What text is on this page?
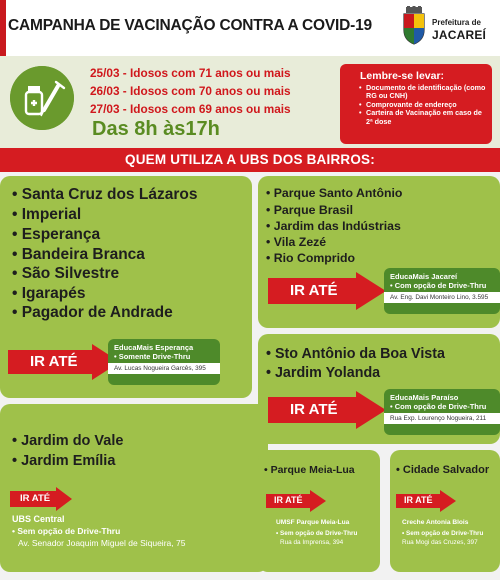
CAMPANHA DE VACINAÇÃO CONTRA A COVID-19	Prefeitura de
JACAREÍ
25/03 - Idosos com 71 anos ou mais
26/03 - Idosos com 70 anos ou mais
27/03 - Idosos com 69 anos ou mais
Das 8h às17h
Lembre-se levar:
• Documento de identificação (como RG ou CNH)
• Comprovante de endereço
• Carteira de Vacinação em caso de 2ª dose
QUEM UTILIZA A UBS DOS BAIRROS:
• Santa Cruz dos Lázaros
• Imperial
• Esperança
• Bandeira Branca
• São Silvestre
• Igarapés
• Pagador de Andrade
IR ATÉ
EducaMais Esperança
• Somente Drive-Thru
Av. Lucas Nogueira Garcês, 395
• Parque Santo Antônio
• Parque Brasil
• Jardim das Indústrias
• Vila Zezé
• Rio Comprido
IR ATÉ
EducaMais Jacareí
• Com opção de Drive-Thru
Av. Eng. Davi Monteiro Lino, 3.595
• Sto Antônio da Boa Vista
• Jardim Yolanda
IR ATÉ
EducaMais Paraíso
• Com opção de Drive-Thru
Rua Exp. Lourenço Nogueira, 211
• Jardim do Vale
• Jardim Emília
IR ATÉ
UBS Central
• Sem opção de Drive-Thru
Av. Senador Joaquim Miguel de Siqueira, 75
• Parque Meia-Lua
IR ATÉ
UMSF Parque Meia-Lua
• Sem opção de Drive-Thru
Rua da Imprensa, 394
• Cidade Salvador
IR ATÉ
Creche Antonia Blois
• Sem opção de Drive-Thru
Rua Mogi das Cruzes, 397
